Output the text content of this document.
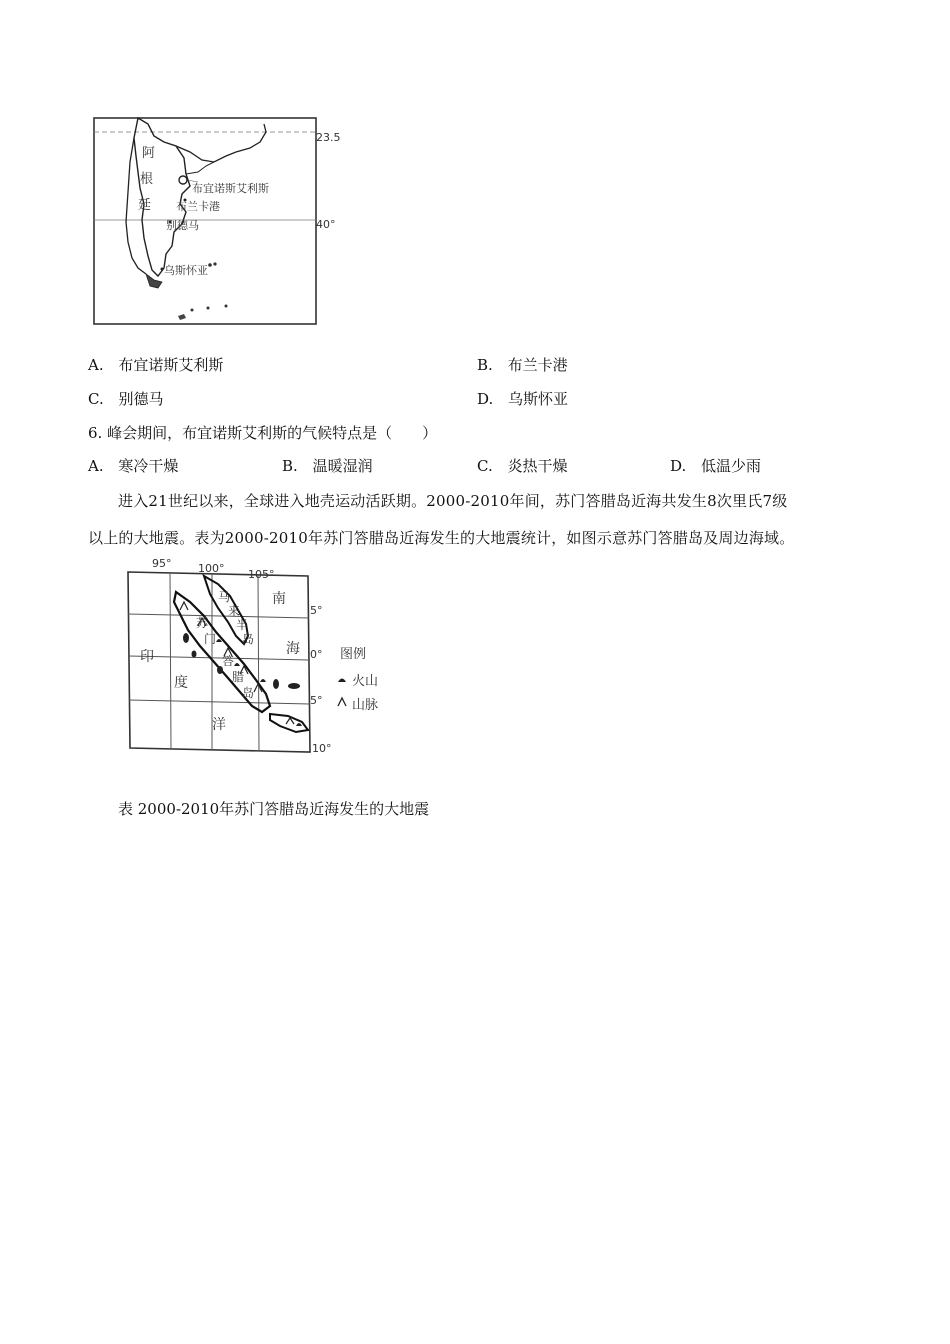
阿
根
廷
布宜诺斯艾利斯
布兰卡港
别德马
乌斯怀亚
23.5
40°
A. 布宜诺斯艾利斯	B. 布兰卡港
C. 别德马	D. 乌斯怀亚
6. 峰会期间，布宜诺斯艾利斯的气候特点是（　　）
A. 寒冷干燥	B. 温暖湿润	C. 炎热干燥	D. 低温少雨
进入21世纪以来，全球进入地壳运动活跃期。2000-2010年间，苏门答腊岛近海共发生8次里氏7级
以上的大地震。表为2000-2010年苏门答腊岛近海发生的大地震统计，如图示意苏门答腊岛及周边海域。
95° 100° 105°
5°
0°
5°
10°
印
度
洋
南
海
马
来
半
岛
苏
门
答
腊
岛
图例
火山
山脉
表 2000-2010年苏门答腊岛近海发生的大地震
